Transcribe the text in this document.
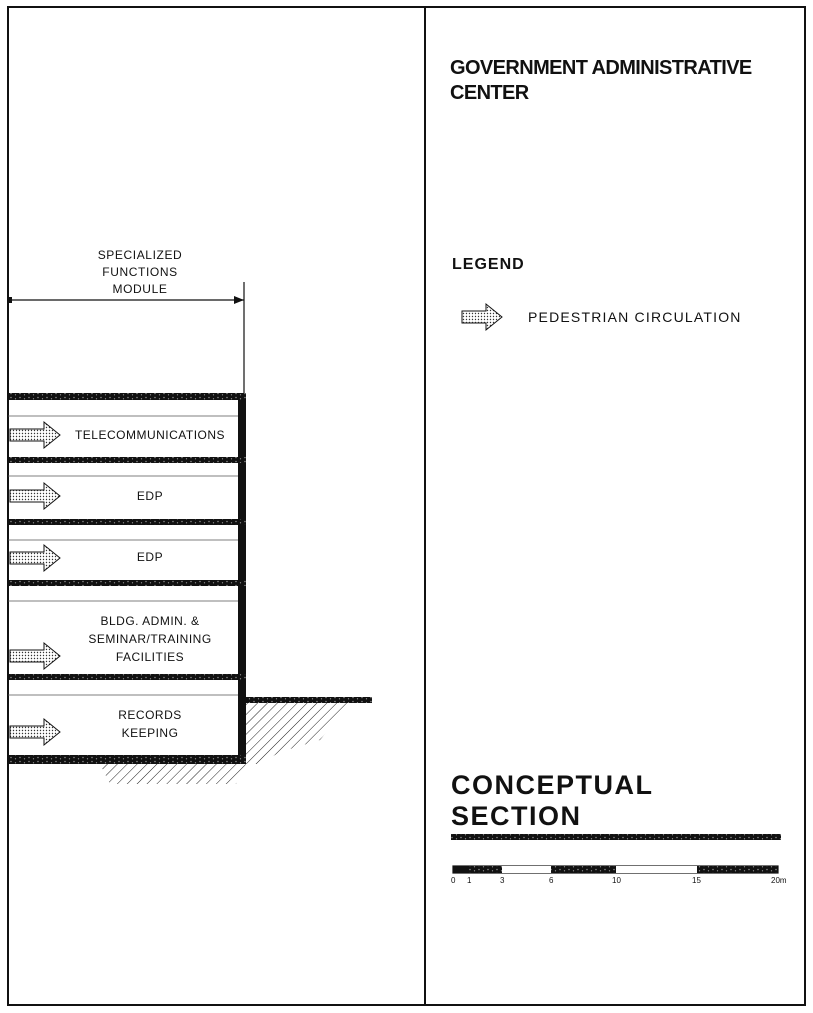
GOVERNMENT ADMINISTRATIVE
CENTER
LEGEND
PEDESTRIAN CIRCULATION
SPECIALIZED
FUNCTIONS
MODULE
TELECOMMUNICATIONS
EDP
EDP
BLDG. ADMIN. &
SEMINAR/TRAINING
FACILITIES
RECORDS
KEEPING
CONCEPTUAL
SECTION
0 1	3	6	10	15	20m
